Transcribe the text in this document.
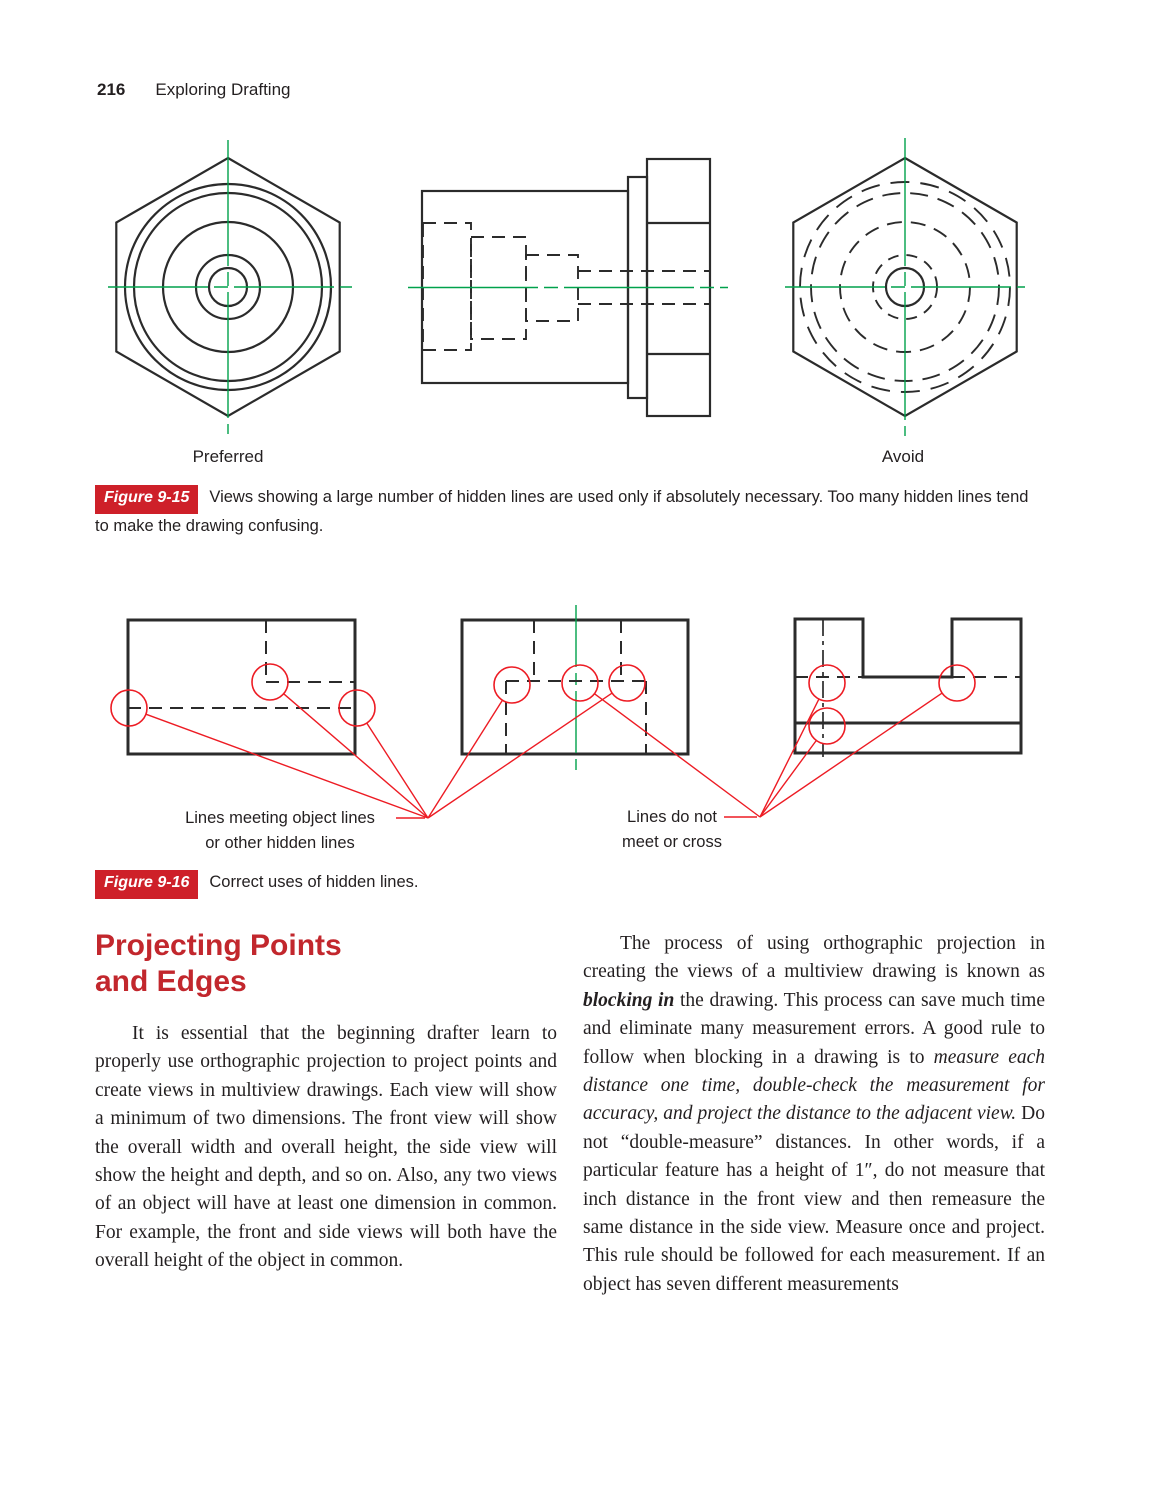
216 Exploring Drafting
Preferred	Avoid
Figure 9-15 Views showing a large number of hidden lines are used only if absolutely necessary. Too many hidden lines tend to make the drawing confusing.
Lines meeting object lines
or other hidden lines
Lines do not
meet or cross
Figure 9-16 Correct uses of hidden lines.
Projecting Points
and Edges

It is essential that the beginning drafter learn to properly use orthographic projection to project points and create views in multiview drawings. Each view will show a minimum of two dimensions. The front view will show the overall width and overall height, the side view will show the height and depth, and so on. Also, any two views of an object will have at least one dimension in common. For example, the front and side views will both have the overall height of the object in common.

The process of using orthographic projection in creating the views of a multiview drawing is known as blocking in the drawing. This process can save much time and eliminate many measurement errors. A good rule to follow when blocking in a drawing is to measure each distance one time, double-check the measurement for accuracy, and project the distance to the adjacent view. Do not “double-measure” distances. In other words, if a particular feature has a height of 1″, do not measure that inch distance in the front view and then remeasure the same distance in the side view. Measure once and project. This rule should be followed for each measurement. If an object has seven different measurements
